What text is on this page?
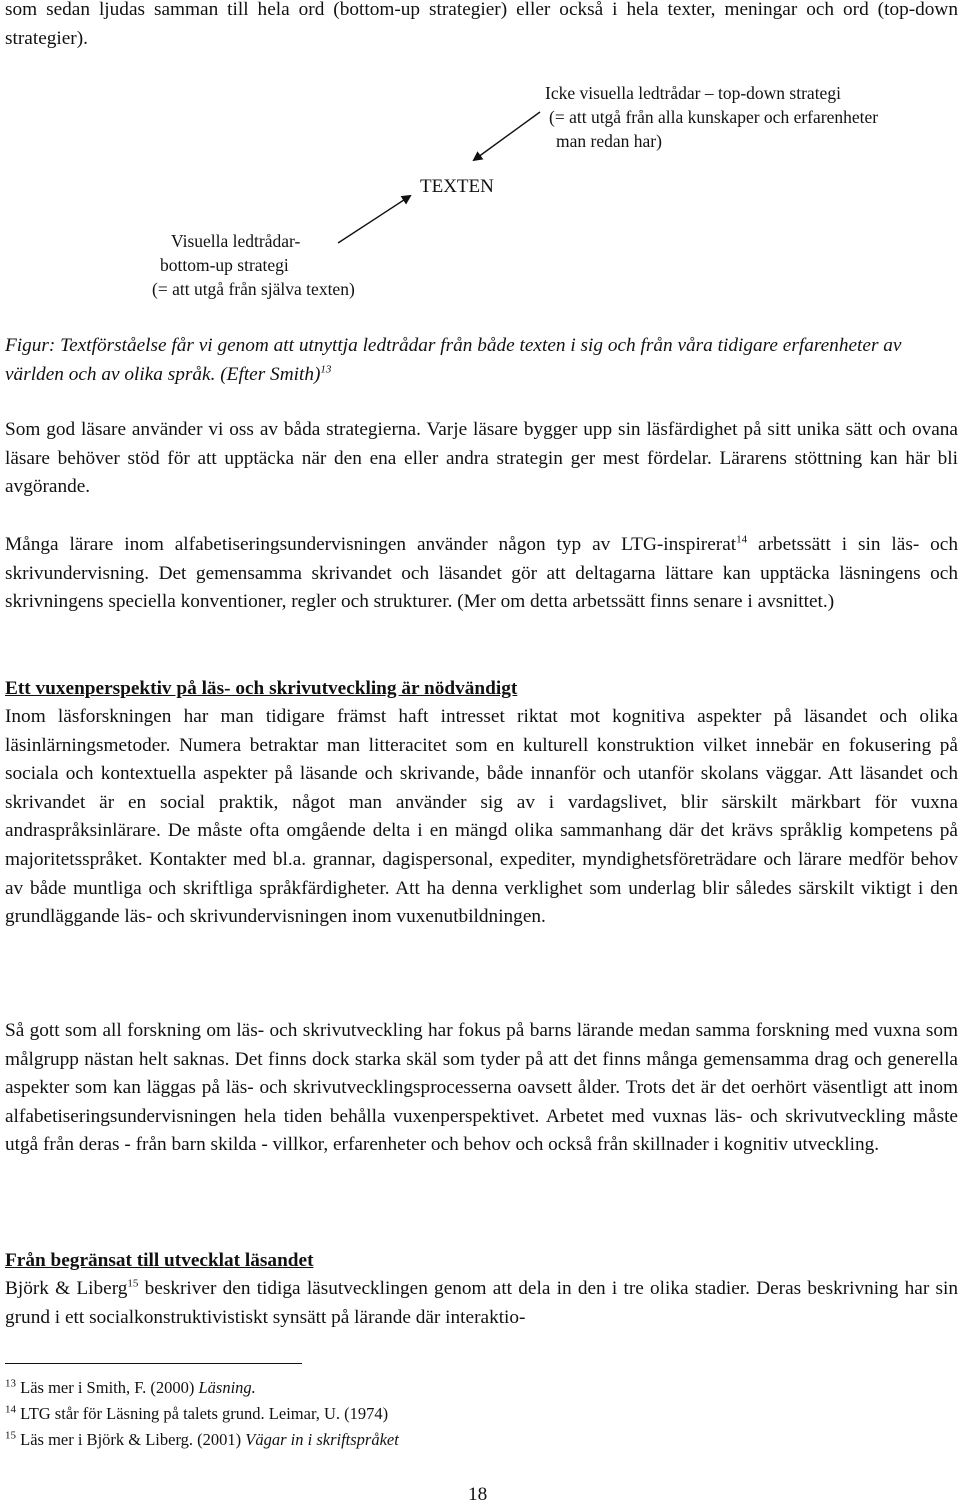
som sedan ljudas samman till hela ord (bottom-up strategier) eller också i hela texter, meningar och ord (top-down strategier).

TEXTEN

Icke visuella ledtrådar – top-down strategi

(= att utgå från alla kunskaper och erfarenheter

man redan har)

Visuella ledtrådar-

bottom-up strategi

(= att utgå från själva texten)

Figur: Textförståelse får vi genom att utnyttja ledtrådar från både texten i sig och från våra tidigare erfarenheter av världen och av olika språk. (Efter Smith)$^{13}$

Som god läsare använder vi oss av båda strategierna. Varje läsare bygger upp sin läsfärdighet på sitt unika sätt och ovana läsare behöver stöd för att upptäcka när den ena eller andra strategin ger mest fördelar. Lärarens stöttning kan här bli avgörande.

Många lärare inom alfabetiseringsundervisningen använder någon typ av LTG-inspirerat$^{14}$ arbetssätt i sin läs- och skrivundervisning. Det gemensamma skrivandet och läsandet gör att deltagarna lättare kan upptäcka läsningens och skrivningens speciella konventioner, regler och strukturer. (Mer om detta arbetssätt finns senare i avsnittet.)

Ett vuxenperspektiv på läs- och skrivutveckling är nödvändigt

Inom läsforskningen har man tidigare främst haft intresset riktat mot kognitiva aspekter på läsandet och olika läsinlärningsmetoder. Numera betraktar man litteracitet som en kulturell konstruktion vilket innebär en fokusering på sociala och kontextuella aspekter på läsande och skrivande, både innanför och utanför skolans väggar. Att läsandet och skrivandet är en social praktik, något man använder sig av i vardagslivet, blir särskilt märkbart för vuxna andraspråksinlärare. De måste ofta omgående delta i en mängd olika sammanhang där det krävs språklig kompetens på majoritetsspråket. Kontakter med bl.a. grannar, dagispersonal, expediter, myndighetsföreträdare och lärare medför behov av både muntliga och skriftliga språkfärdigheter. Att ha denna verklighet som underlag blir således särskilt viktigt i den grundläggande läs- och skrivundervisningen inom vuxenutbildningen.

Så gott som all forskning om läs- och skrivutveckling har fokus på barns lärande medan samma forskning med vuxna som målgrupp nästan helt saknas. Det finns dock starka skäl som tyder på att det finns många gemensamma drag och generella aspekter som kan läggas på läs- och skrivutvecklingsprocesserna oavsett ålder. Trots det är det oerhört väsentligt att inom alfabetiseringsundervisningen hela tiden behålla vuxenperspektivet. Arbetet med vuxnas läs- och skrivutveckling måste utgå från deras - från barn skilda - villkor, erfarenheter och behov och också från skillnader i kognitiv utveckling.

Från begränsat till utvecklat läsandet

Björk & Liberg$^{15}$ beskriver den tidiga läsutvecklingen genom att dela in den i tre olika stadier. Deras beskrivning har sin grund i ett socialkonstruktivistiskt synsätt på lärande där interaktio-

$^{13}$ Läs mer i Smith, F. (2000) Läsning.

$^{14}$ LTG står för Läsning på talets grund. Leimar, U. (1974)

$^{15}$ Läs mer i Björk & Liberg. (2001) Vägar in i skriftspråket

18
